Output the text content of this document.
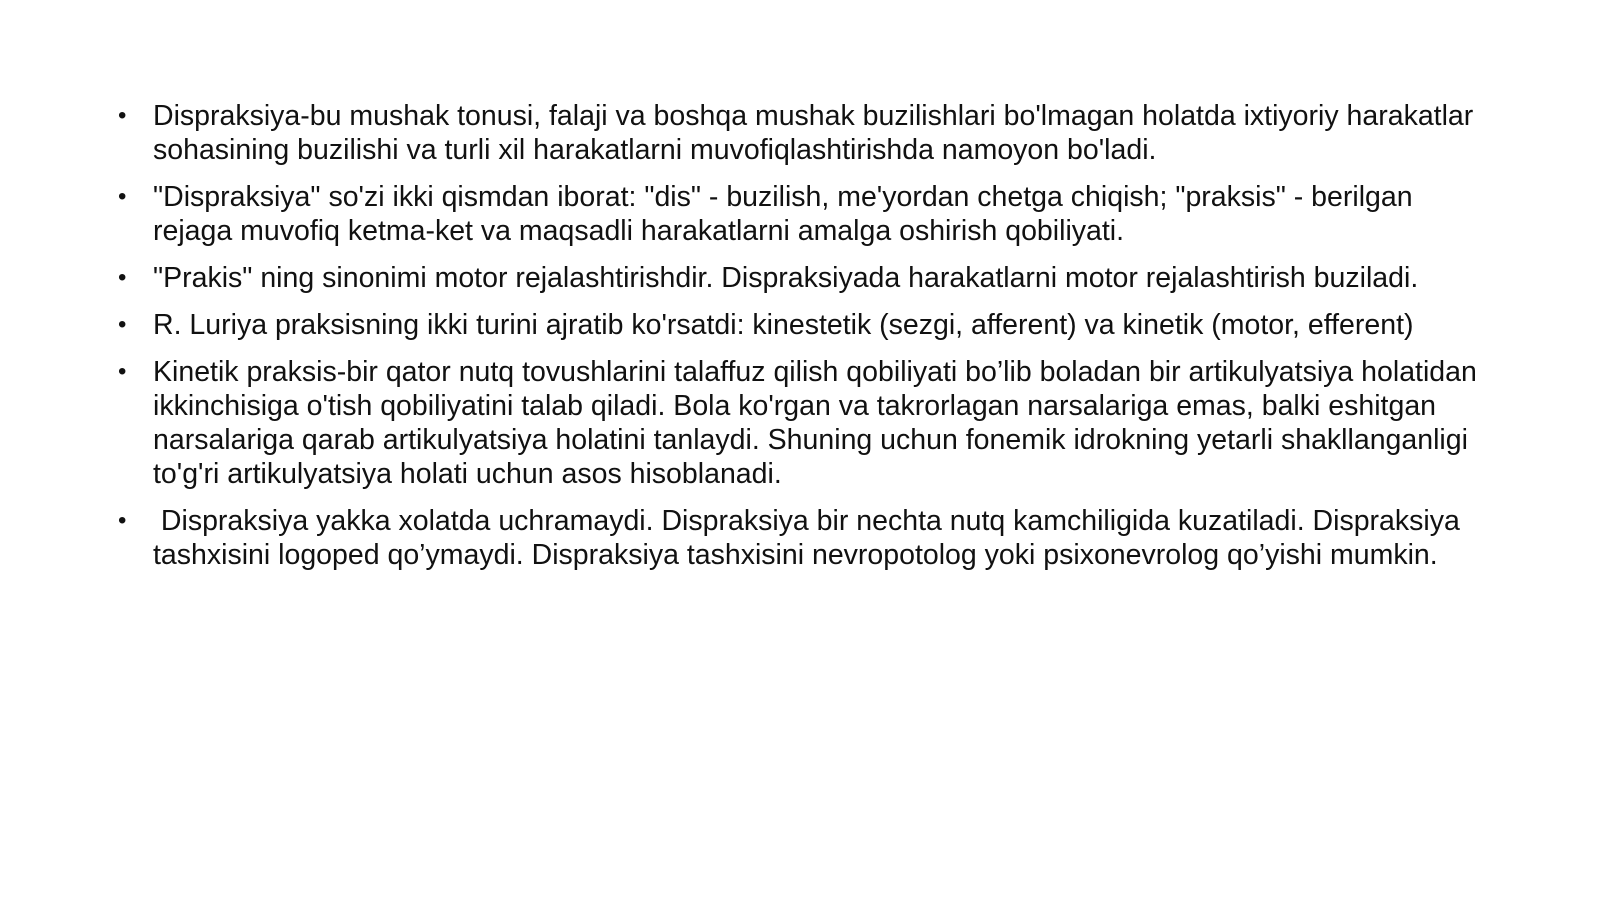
• Dispraksiya-bu mushak tonusi, falaji va boshqa mushak buzilishlari bo'lmagan holatda ixtiyoriy harakatlar sohasining buzilishi va turli xil harakatlarni muvofiqlashtirishda namoyon bo'ladi.
• "Dispraksiya" so'zi ikki qismdan iborat: "dis" - buzilish, me'yordan chetga chiqish; "praksis" - berilgan rejaga muvofiq ketma-ket va maqsadli harakatlarni amalga oshirish qobiliyati.
• "Prakis" ning sinonimi motor rejalashtirishdir. Dispraksiyada harakatlarni motor rejalashtirish buziladi.
• R. Luriya praksisning ikki turini ajratib ko'rsatdi: kinestetik (sezgi, afferent) va kinetik (motor, efferent)
• Kinetik praksis-bir qator nutq tovushlarini talaffuz qilish qobiliyati bo’lib boladan bir artikulyatsiya holatidan ikkinchisiga o'tish qobiliyatini talab qiladi. Bola ko'rgan va takrorlagan narsalariga emas, balki eshitgan narsalariga qarab artikulyatsiya holatini tanlaydi. Shuning uchun fonemik idrokning yetarli shakllanganligi to'g'ri artikulyatsiya holati uchun asos hisoblanadi.
• Dispraksiya yakka xolatda uchramaydi. Dispraksiya bir nechta nutq kamchiligida kuzatiladi. Dispraksiya tashxisini logoped qo’ymaydi. Dispraksiya tashxisini nevropotolog yoki psixonevrolog qo’yishi mumkin.
